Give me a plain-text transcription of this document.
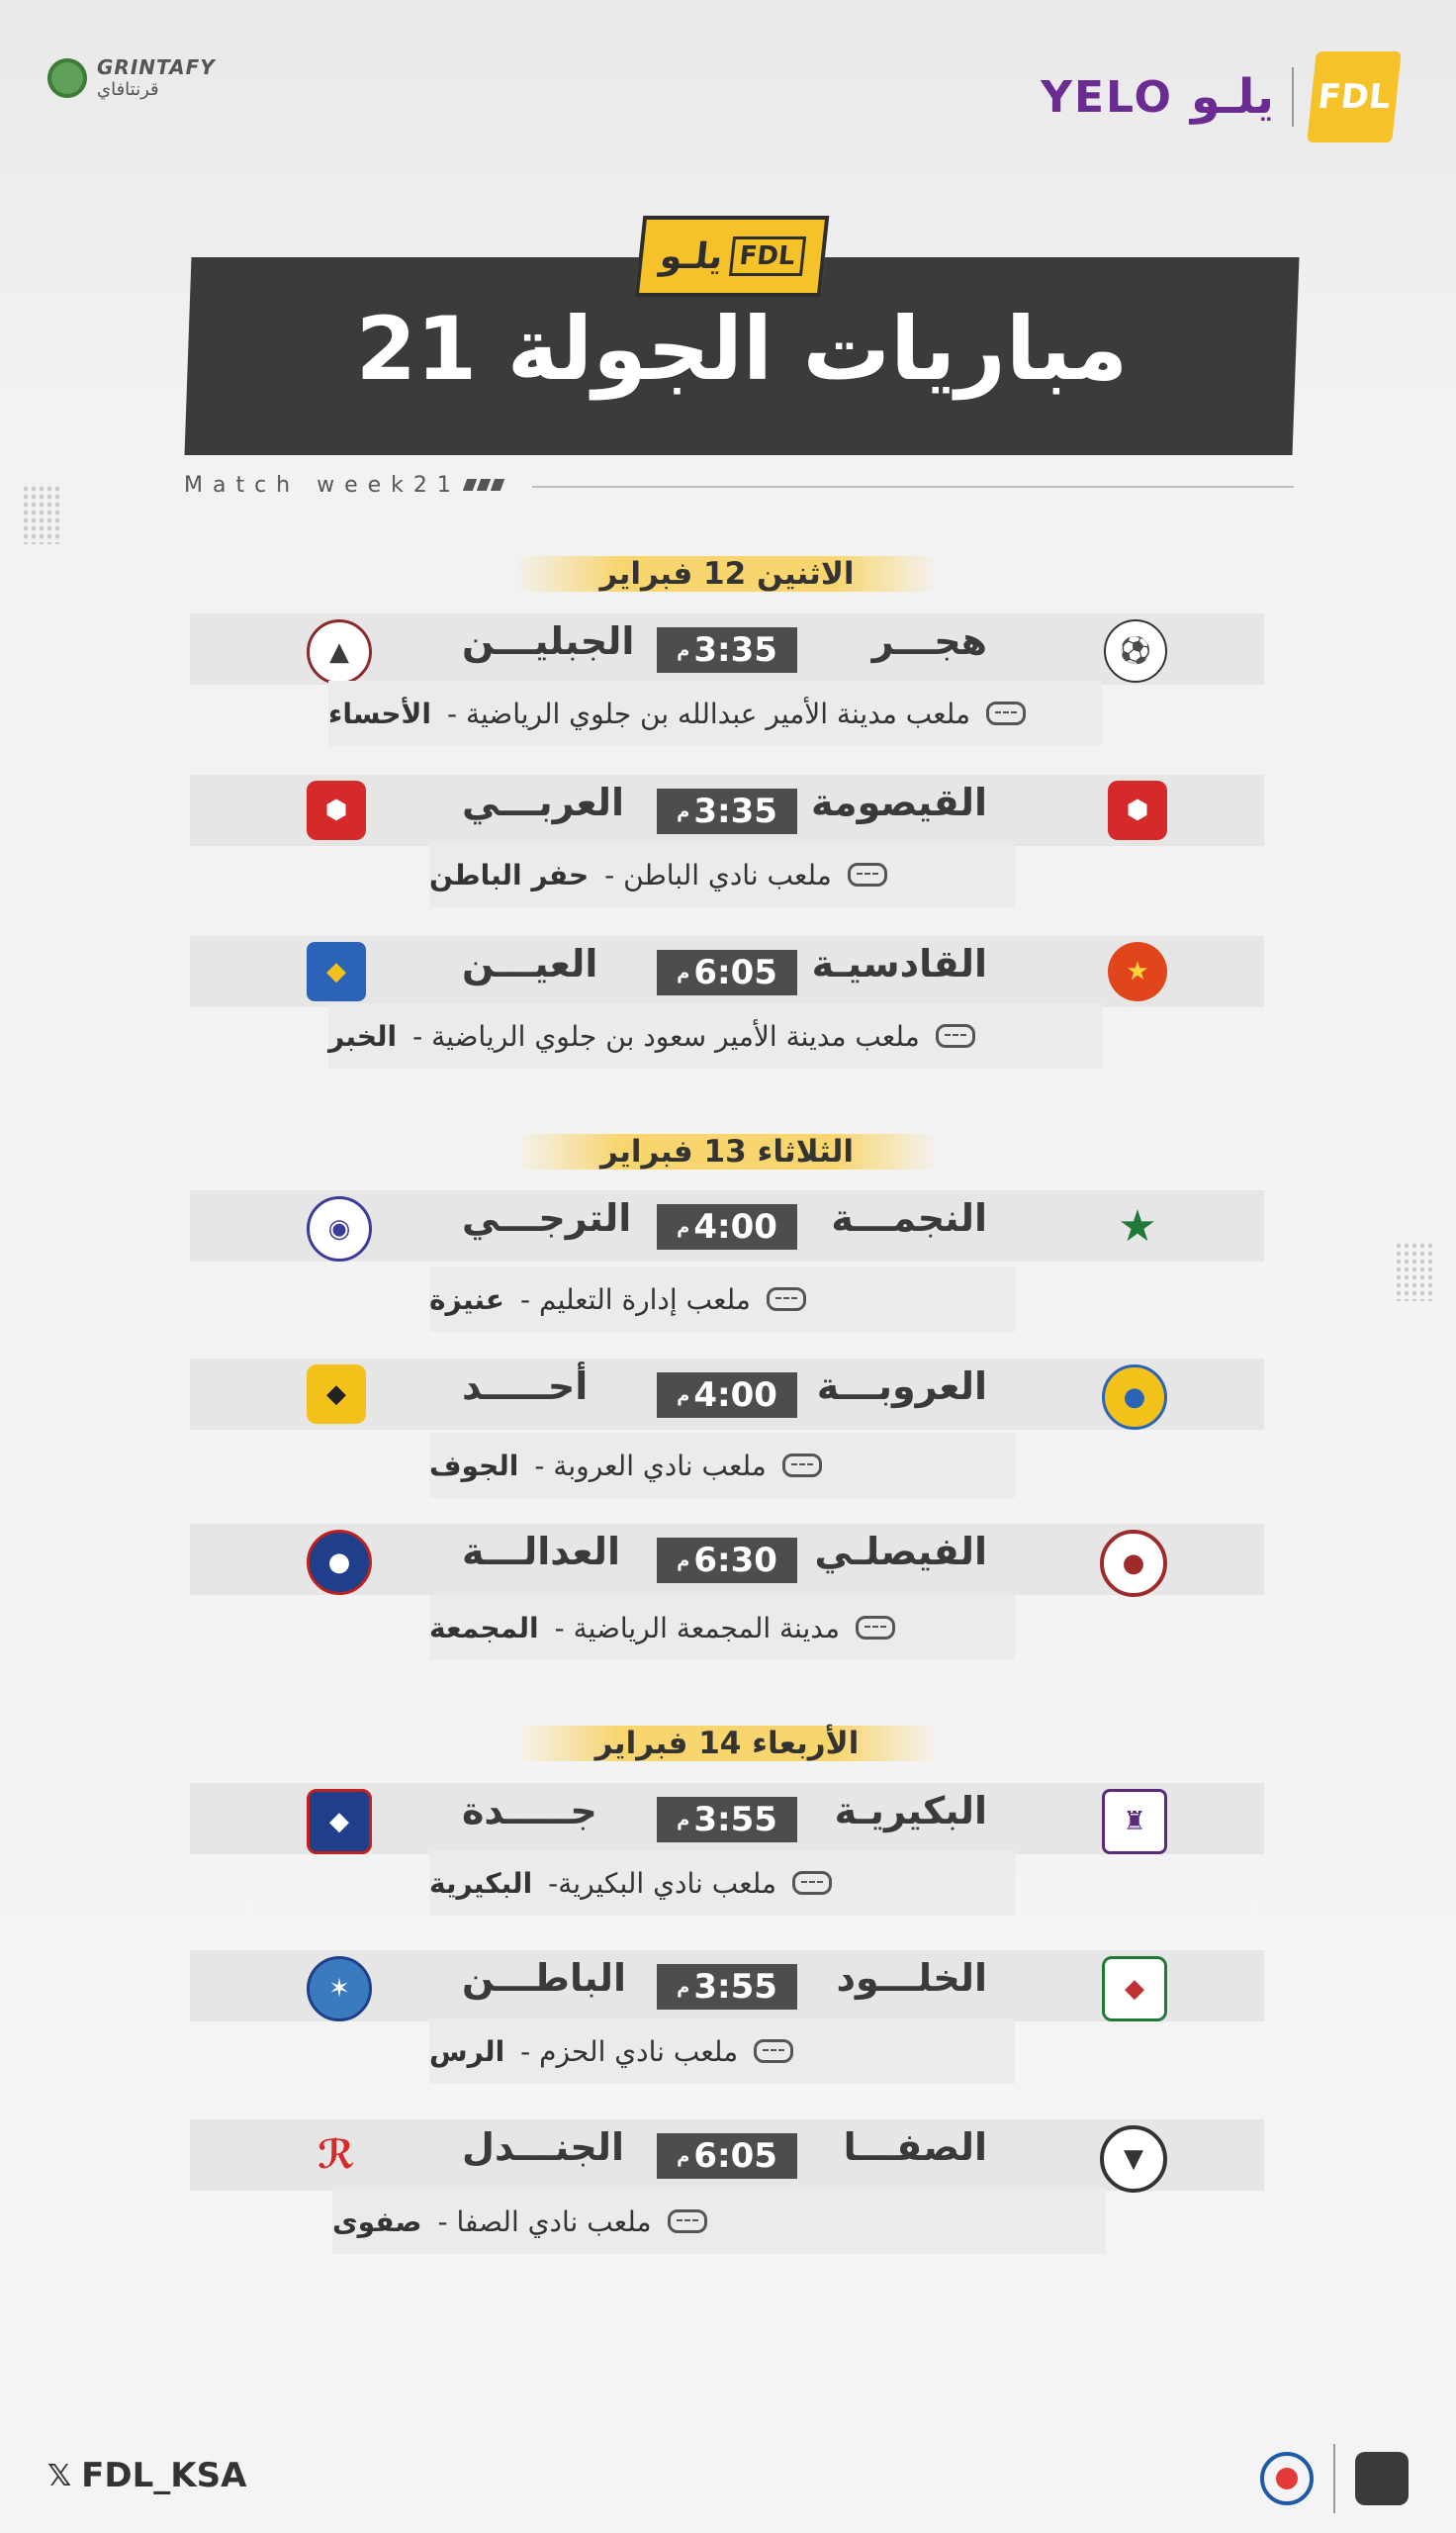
GRINTAFY
قرنتافاي	YELO يلـو FDL
يلـو FDL
مباريات الجولة 21
Match week21
الاثنين 12 فبراير
⚽
هجـــر
م 3:35
الجبليـــن
▲
ملعب مدينة الأمير عبدالله بن جلوي الرياضية -
الأحساء
⬢
القيصومة
م 3:35
العربـــي
⬢
ملعب نادي الباطن -
حفر الباطن
★
القادسيـة
م 6:05
العيـــن
◆
ملعب مدينة الأمير سعود بن جلوي الرياضية -
الخبر
الثلاثاء 13 فبراير
★
النجمـــة
م 4:00
الترجـــي
◉
ملعب إدارة التعليم -
عنيزة
●
العروبـــة
م 4:00
أحـــــد
◆
ملعب نادي العروبة -
الجوف
●
الفيصلـي
م 6:30
العدالـــة
●
مدينة المجمعة الرياضية -
المجمعة
الأربعاء 14 فبراير
♜
البكيريـة
م 3:55
جـــــدة
◆
ملعب نادي البكيرية-
البكيرية
◆
الخلـــود
م 3:55
الباطـــن
✶
ملعب نادي الحزم -
الرس
▼
الصفـــا
م 6:05
الجنـــدل
ℛ
ملعب نادي الصفا -
صفوى
𝕏 FDL_KSA
